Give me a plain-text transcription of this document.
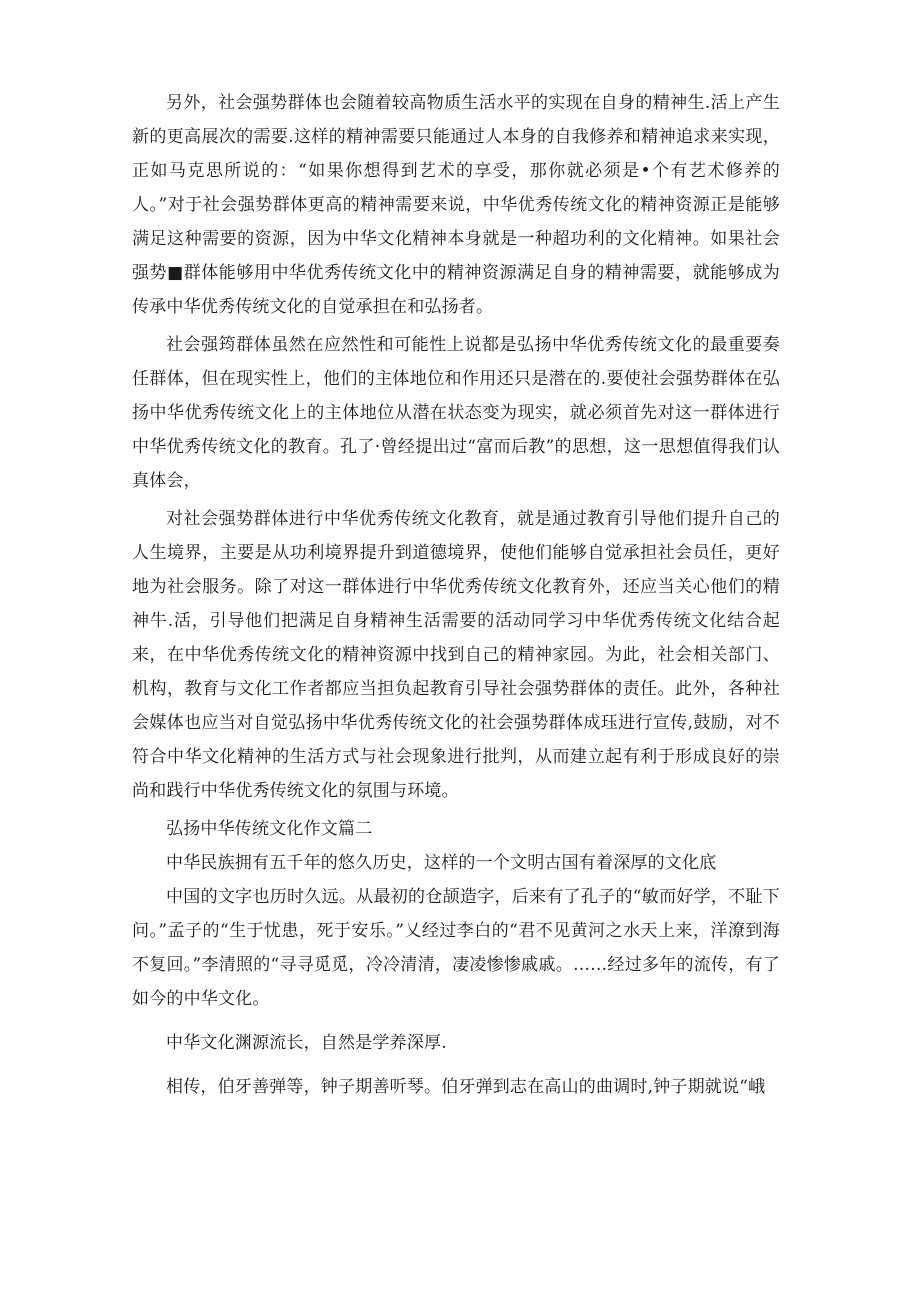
另外，社会强势群体也会随着较高物质生活水平的实现在自身的精神生.活上产生新的更高展次的需要.这样的精神需要只能通过人本身的自我修养和精神追求来实现，正如马克思所说的：“如果你想得到艺术的享受，那你就必须是•个有艺术修养的人。”对于社会强势群体更高的精神需要来说，中华优秀传统文化的精神资源正是能够满足这种需要的资源，因为中华文化精神本身就是一种超功利的文化精神。如果社会强势■群体能够用中华优秀传统文化中的精神资源满足自身的精神需要，就能够成为传承中华优秀传统文化的自觉承担在和弘扬者。

社会强筠群体虽然在应然性和可能性上说都是弘扬中华优秀传统文化的最重要奏任群体，但在现实性上，他们的主体地位和作用还只是潜在的.要使社会强势群体在弘扬中华优秀传统文化上的主体地位从潜在状态变为现实，就必须首先对这一群体进行中华优秀传统文化的教育。孔了·曾经提出过“富而后教”的思想，这一思想值得我们认真体会，

对社会强势群体进行中华优秀传统文化教育，就是通过教育引导他们提升自己的人生境界，主要是从功利境界提升到道德境界，使他们能够自觉承担社会员任，更好地为社会服务。除了对这一群体进行中华优秀传统文化教育外，还应当关心他们的精神牛.活，引导他们把满足自身精神生活需要的活动同学习中华优秀传统文化结合起来，在中华优秀传统文化的精神资源中找到自己的精神家园。为此，社会相关部门、机构，教育与文化工作者都应当担负起教育引导社会强势群体的责任。此外，各种社会媒体也应当对自觉弘扬中华优秀传统文化的社会强势群体成珏进行宣传,鼓励，对不符合中华文化精神的生活方式与社会现象进行批判，从而建立起有利于形成良好的崇尚和践行中华优秀传统文化的氛围与环境。

弘扬中华传统文化作文篇二

中华民族拥有五千年的悠久历史，这样的一个文明古国有着深厚的文化底

中国的文字也历时久远。从最初的仓颉造字，后来有了孔子的“敏而好学，不耻下问。”孟子的“生于忧患，死于安乐。”乂经过李白的“君不见黄河之水天上来，洋潦到海不复回。”李清照的“寻寻觅觅，冷冷清清，凄凌惨惨戚戚。……经过多年的流传，有了如今的中华文化。

中华文化渊源流长，自然是学养深厚.

相传，伯牙善弹等，钟子期善听琴。伯牙弹到志在高山的曲调时,钟子期就说“峨
